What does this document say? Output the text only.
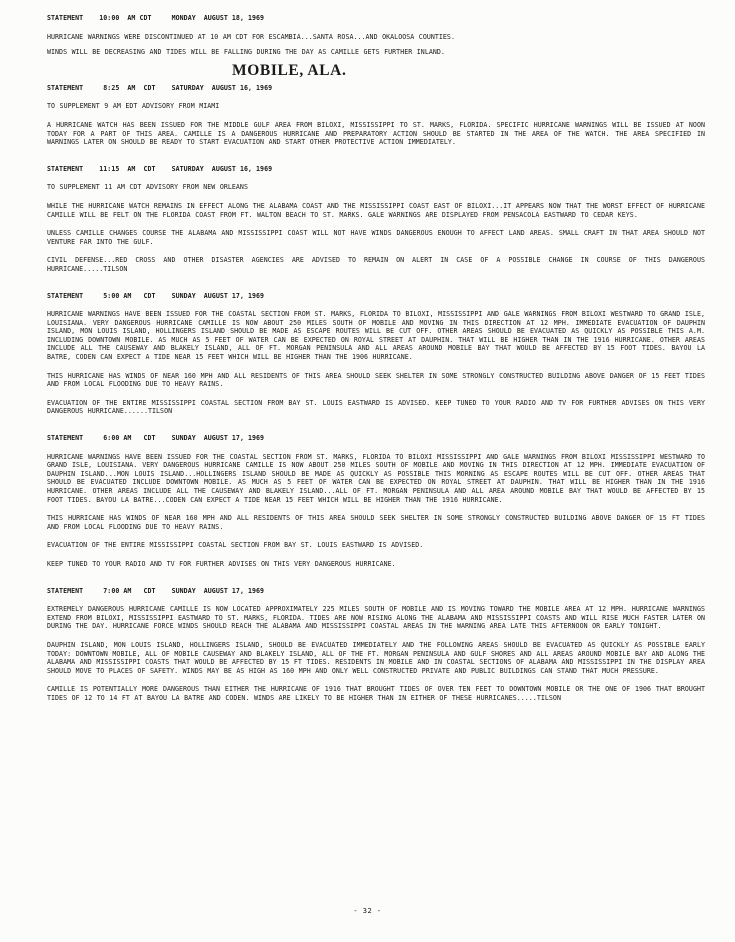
STATEMENT    10:00  AM CDT     MONDAY  AUGUST 18, 1969

HURRICANE WARNINGS WERE DISCONTINUED AT 10 AM CDT FOR ESCAMBIA...SANTA ROSA...AND OKALOOSA COUNTIES.

WINDS WILL BE DECREASING AND TIDES WILL BE FALLING DURING THE DAY AS CAMILLE GETS FURTHER INLAND.

MOBILE, ALA.
STATEMENT     8:25  AM  CDT    SATURDAY  AUGUST 16, 1969

TO SUPPLEMENT 9 AM EDT ADVISORY FROM MIAMI

A HURRICANE WATCH HAS BEEN ISSUED FOR THE MIDDLE GULF AREA FROM BILOXI, MISSISSIPPI TO ST. MARKS, FLORIDA. SPECIFIC HURRICANE WARNINGS WILL BE ISSUED AT NOON TODAY FOR A PART OF THIS AREA. CAMILLE IS A DANGEROUS HURRICANE AND PREPARATORY ACTION SHOULD BE STARTED IN THE AREA OF THE WATCH. THE AREA SPECIFIED IN WARNINGS LATER ON SHOULD BE READY TO START EVACUATION AND START OTHER PROTECTIVE ACTION IMMEDIATELY.

STATEMENT    11:15  AM  CDT    SATURDAY  AUGUST 16, 1969

TO SUPPLEMENT 11 AM CDT ADVISORY FROM NEW ORLEANS

WHILE THE HURRICANE WATCH REMAINS IN EFFECT ALONG THE ALABAMA COAST AND THE MISSISSIPPI COAST EAST OF BILOXI...IT APPEARS NOW THAT THE WORST EFFECT OF HURRICANE CAMILLE WILL BE FELT ON THE FLORIDA COAST FROM FT. WALTON BEACH TO ST. MARKS. GALE WARNINGS ARE DISPLAYED FROM PENSACOLA EASTWARD TO CEDAR KEYS.

UNLESS CAMILLE CHANGES COURSE THE ALABAMA AND MISSISSIPPI COAST WILL NOT HAVE WINDS DANGEROUS ENOUGH TO AFFECT LAND AREAS. SMALL CRAFT IN THAT AREA SHOULD NOT VENTURE FAR INTO THE GULF.

CIVIL DEFENSE...RED CROSS AND OTHER DISASTER AGENCIES ARE ADVISED TO REMAIN ON ALERT IN CASE OF A POSSIBLE CHANGE IN COURSE OF THIS DANGEROUS HURRICANE.....TILSON

STATEMENT     5:00 AM   CDT    SUNDAY  AUGUST 17, 1969

HURRICANE WARNINGS HAVE BEEN ISSUED FOR THE COASTAL SECTION FROM ST. MARKS, FLORIDA TO BILOXI, MISSISSIPPI AND GALE WARNINGS FROM BILOXI WESTWARD TO GRAND ISLE, LOUISIANA. VERY DANGEROUS HURRICANE CAMILLE IS NOW ABOUT 250 MILES SOUTH OF MOBILE AND MOVING IN THIS DIRECTION AT 12 MPH. IMMEDIATE EVACUATION OF DAUPHIN ISLAND, MON LOUIS ISLAND, HOLLINGERS ISLAND SHOULD BE MADE AS ESCAPE ROUTES WILL BE CUT OFF. OTHER AREAS SHOULD BE EVACUATED AS QUICKLY AS POSSIBLE THIS A.M. INCLUDING DOWNTOWN MOBILE. AS MUCH AS 5 FEET OF WATER CAN BE EXPECTED ON ROYAL STREET AT DAUPHIN. THAT WILL BE HIGHER THAN IN THE 1916 HURRICANE. OTHER AREAS INCLUDE ALL THE CAUSEWAY AND BLAKELY ISLAND, ALL OF FT. MORGAN PENINSULA AND ALL AREAS AROUND MOBILE BAY THAT WOULD BE AFFECTED BY 15 FOOT TIDES. BAYOU LA BATRE, CODEN CAN EXPECT A TIDE NEAR 15 FEET WHICH WILL BE HIGHER THAN THE 1906 HURRICANE.

THIS HURRICANE HAS WINDS OF NEAR 160 MPH AND ALL RESIDENTS OF THIS AREA SHOULD SEEK SHELTER IN SOME STRONGLY CONSTRUCTED BUILDING ABOVE DANGER OF 15 FEET TIDES AND FROM LOCAL FLOODING DUE TO HEAVY RAINS.

EVACUATION OF THE ENTIRE MISSISSIPPI COASTAL SECTION FROM BAY ST. LOUIS EASTWARD IS ADVISED. KEEP TUNED TO YOUR RADIO AND TV FOR FURTHER ADVISES ON THIS VERY DANGEROUS HURRICANE......TILSON

STATEMENT     6:00 AM   CDT    SUNDAY  AUGUST 17, 1969

HURRICANE WARNINGS HAVE BEEN ISSUED FOR THE COASTAL SECTION FROM ST. MARKS, FLORIDA TO BILOXI MISSISSIPPI AND GALE WARNINGS FROM BILOXI MISSISSIPPI WESTWARD TO GRAND ISLE, LOUISIANA. VERY DANGEROUS HURRICANE CAMILLE IS NOW ABOUT 250 MILES SOUTH OF MOBILE AND MOVING IN THIS DIRECTION AT 12 MPH. IMMEDIATE EVACUATION OF DAUPHIN ISLAND...MON LOUIS ISLAND...HOLLINGERS ISLAND SHOULD BE MADE AS QUICKLY AS POSSIBLE THIS MORNING AS ESCAPE ROUTES WILL BE CUT OFF. OTHER AREAS THAT SHOULD BE EVACUATED INCLUDE DOWNTOWN MOBILE. AS MUCH AS 5 FEET OF WATER CAN BE EXPECTED ON ROYAL STREET AT DAUPHIN. THAT WILL BE HIGHER THAN IN THE 1916 HURRICANE. OTHER AREAS INCLUDE ALL THE CAUSEWAY AND BLAKELY ISLAND...ALL OF FT. MORGAN PENINSULA AND ALL AREA AROUND MOBILE BAY THAT WOULD BE AFFECTED BY 15 FOOT TIDES. BAYOU LA BATRE...CODEN CAN EXPECT A TIDE NEAR 15 FEET WHICH WILL BE HIGHER THAN THE 1916 HURRICANE.

THIS HURRICANE HAS WINDS OF NEAR 160 MPH AND ALL RESIDENTS OF THIS AREA SHOULD SEEK SHELTER IN SOME STRONGLY CONSTRUCTED BUILDING ABOVE DANGER OF 15 FT TIDES AND FROM LOCAL FLOODING DUE TO HEAVY RAINS.

EVACUATION OF THE ENTIRE MISSISSIPPI COASTAL SECTION FROM BAY ST. LOUIS EASTWARD IS ADVISED.

KEEP TUNED TO YOUR RADIO AND TV FOR FURTHER ADVISES ON THIS VERY DANGEROUS HURRICANE.

STATEMENT     7:00 AM   CDT    SUNDAY  AUGUST 17, 1969

EXTREMELY DANGEROUS HURRICANE CAMILLE IS NOW LOCATED APPROXIMATELY 225 MILES SOUTH OF MOBILE AND IS MOVING TOWARD THE MOBILE AREA AT 12 MPH. HURRICANE WARNINGS EXTEND FROM BILOXI, MISSISSIPPI EASTWARD TO ST. MARKS, FLORIDA. TIDES ARE NOW RISING ALONG THE ALABAMA AND MISSISSIPPI COASTS AND WILL RISE MUCH FASTER LATER ON DURING THE DAY. HURRICANE FORCE WINDS SHOULD REACH THE ALABAMA AND MISSISSIPPI COASTAL AREAS IN THE WARNING AREA LATE THIS AFTERNOON OR EARLY TONIGHT.

DAUPHIN ISLAND, MON LOUIS ISLAND, HOLLINGERS ISLAND, SHOULD BE EVACUATED IMMEDIATELY AND THE FOLLOWING AREAS SHOULD BE EVACUATED AS QUICKLY AS POSSIBLE EARLY TODAY: DOWNTOWN MOBILE, ALL OF MOBILE CAUSEWAY AND BLAKELY ISLAND, ALL OF THE FT. MORGAN PENINSULA AND GULF SHORES AND ALL AREAS AROUND MOBILE BAY AND ALONG THE ALABAMA AND MISSISSIPPI COASTS THAT WOULD BE AFFECTED BY 15 FT TIDES. RESIDENTS IN MOBILE AND IN COASTAL SECTIONS OF ALABAMA AND MISSISSIPPI IN THE DISPLAY AREA SHOULD MOVE TO PLACES OF SAFETY. WINDS MAY BE AS HIGH AS 160 MPH AND ONLY WELL CONSTRUCTED PRIVATE AND PUBLIC BUILDINGS CAN STAND THAT MUCH PRESSURE.

CAMILLE IS POTENTIALLY MORE DANGEROUS THAN EITHER THE HURRICANE OF 1916 THAT BROUGHT TIDES OF OVER TEN FEET TO DOWNTOWN MOBILE OR THE ONE OF 1906 THAT BROUGHT TIDES OF 12 TO 14 FT AT BAYOU LA BATRE AND CODEN. WINDS ARE LIKELY TO BE HIGHER THAN IN EITHER OF THESE HURRICANES.....TILSON

- 32 -
